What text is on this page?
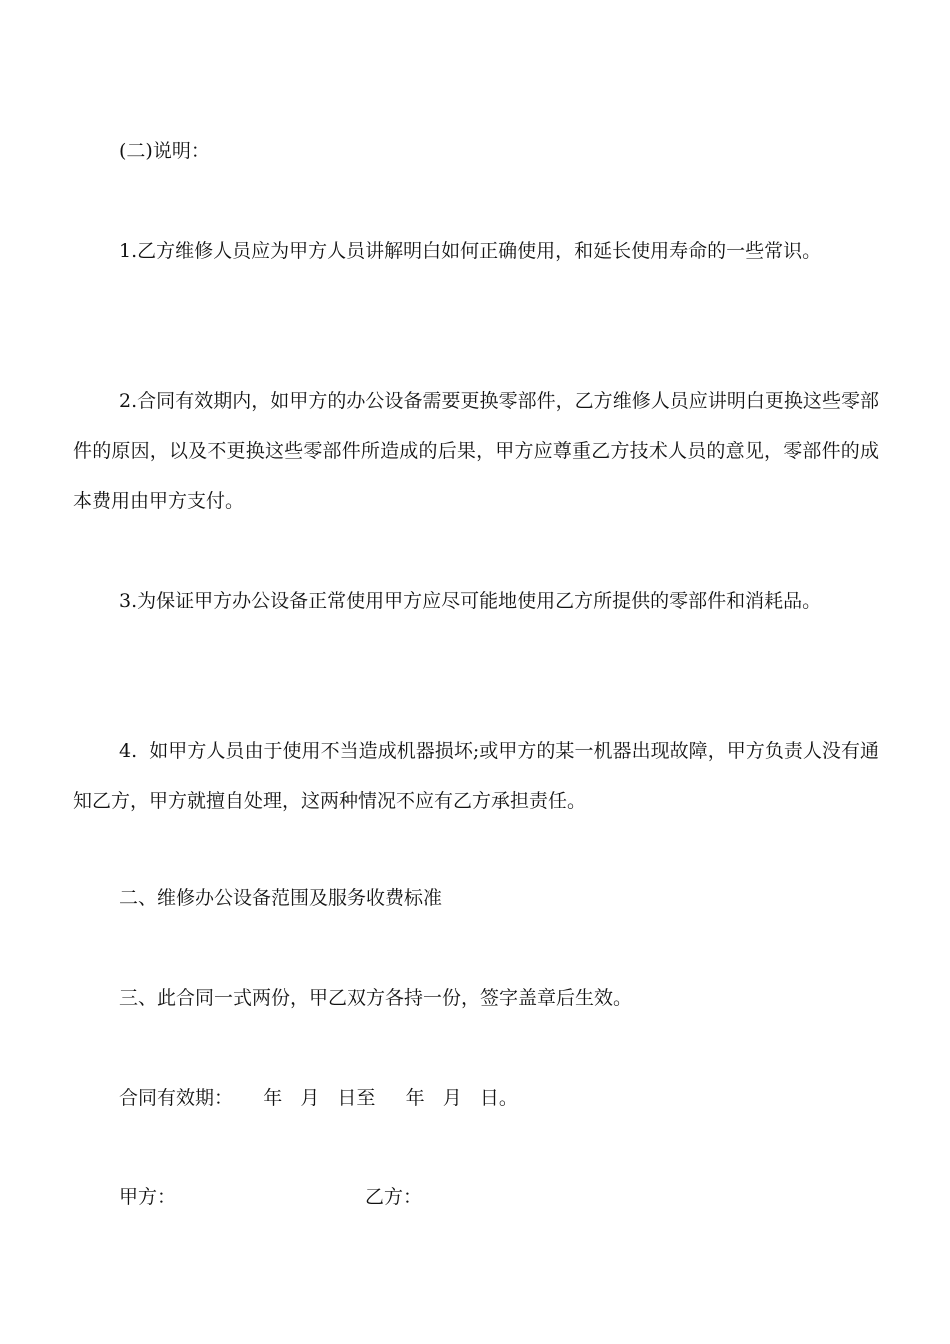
(二)说明：

1.乙方维修人员应为甲方人员讲解明白如何正确使用，和延长使用寿命的一些常识。

2.合同有效期内，如甲方的办公设备需要更换零部件，乙方维修人员应讲明白更换这些零部件的原因，以及不更换这些零部件所造成的后果，甲方应尊重乙方技术人员的意见，零部件的成本费用由甲方支付。

3.为保证甲方办公设备正常使用甲方应尽可能地使用乙方所提供的零部件和消耗品。

4.  如甲方人员由于使用不当造成机器损坏;或甲方的某一机器出现故障，甲方负责人没有通知乙方，甲方就擅自处理，这两种情况不应有乙方承担责任。

二、维修办公设备范围及服务收费标准

三、此合同一式两份，甲乙双方各持一份，签字盖章后生效。

合同有效期：     年   月   日至     年   月   日。

甲方：	乙方：
